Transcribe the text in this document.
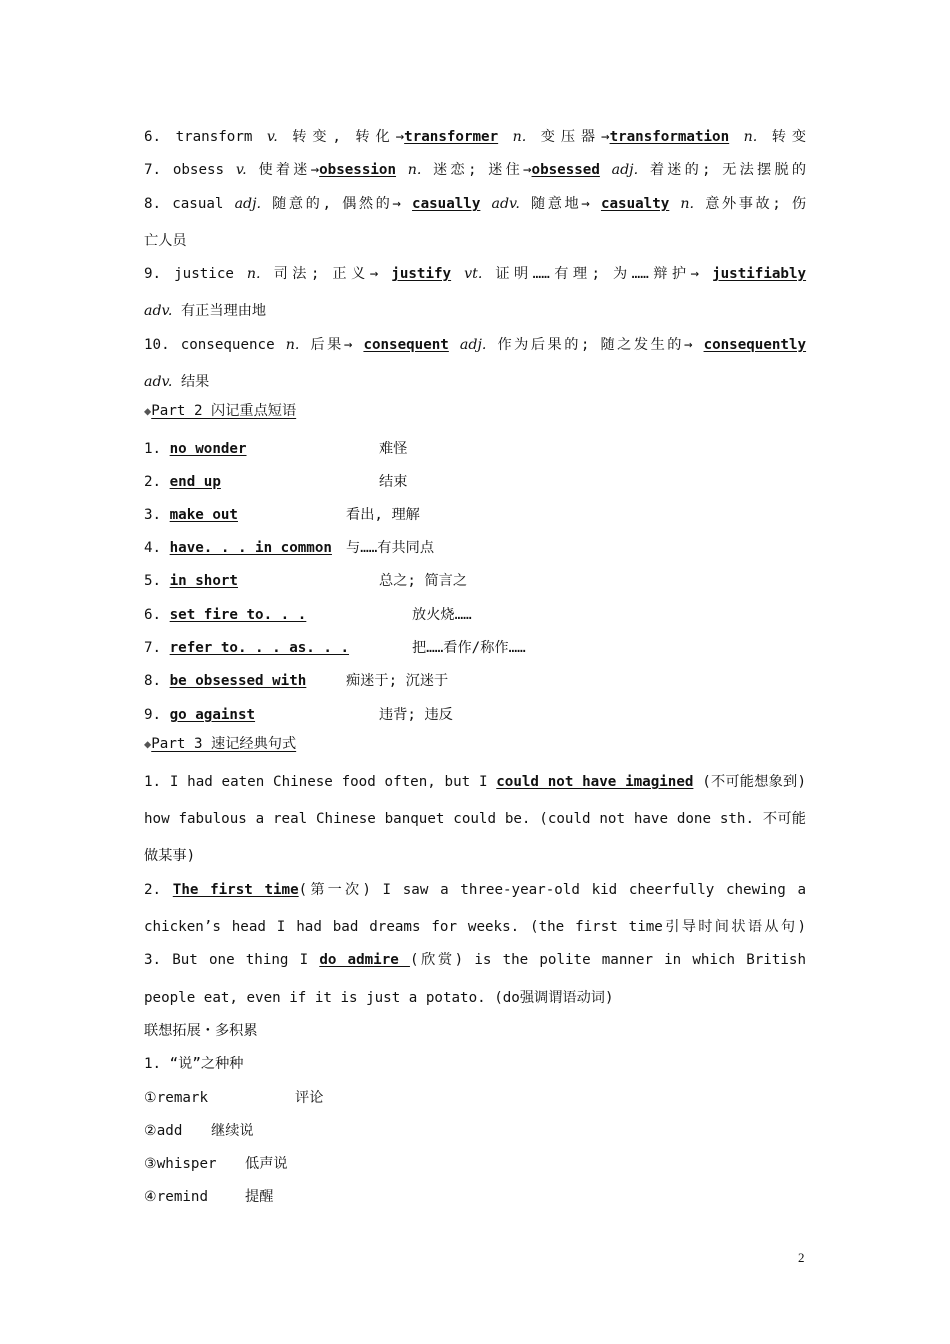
6. transform v. 转变, 转化→transformer n. 变压器→transformation n. 转变
7. obsess v. 使着迷→obsession n. 迷恋; 迷住→obsessed adj. 着迷的; 无法摆脱的
8. casual adj. 随意的, 偶然的→ casually adv. 随意地→ casualty n. 意外事故; 伤
亡人员
9. justice n. 司法; 正义→ justify vt. 证明……有理; 为……辩护→ justifiably
adv. 有正当理由地
10. consequence n. 后果→ consequent adj. 作为后果的; 随之发生的→ consequently
adv. 结果
◆Part 2 闪记重点短语
1. no wonder	难怪
2. end up	结束
3. make out	看出, 理解
4. have. . . in common 与……有共同点
5. in short	总之; 简言之
6. set fire to. . .	放火烧……
7. refer to. . . as. . .	把……看作/称作……
8. be obsessed with	痴迷于; 沉迷于
9. go against	违背; 违反
◆Part 3 速记经典句式
1. I had eaten Chinese food often, but I could not have imagined (不可能想象到)
how fabulous a real Chinese banquet could be. (could not have done sth. 不可能
做某事)
2. The first time(第一次) I saw a three-year-old kid cheerfully chewing a
chicken’s head I had bad dreams for weeks. (the first time引导时间状语从句)
3. But one thing I do admire (欣赏) is the polite manner in which British
people eat, even if it is just a potato. (do强调谓语动词)
联想拓展・多积累
1. “说”之种种
①remark	评论
②add 继续说
③whisper 低声说
④remind	提醒
2
